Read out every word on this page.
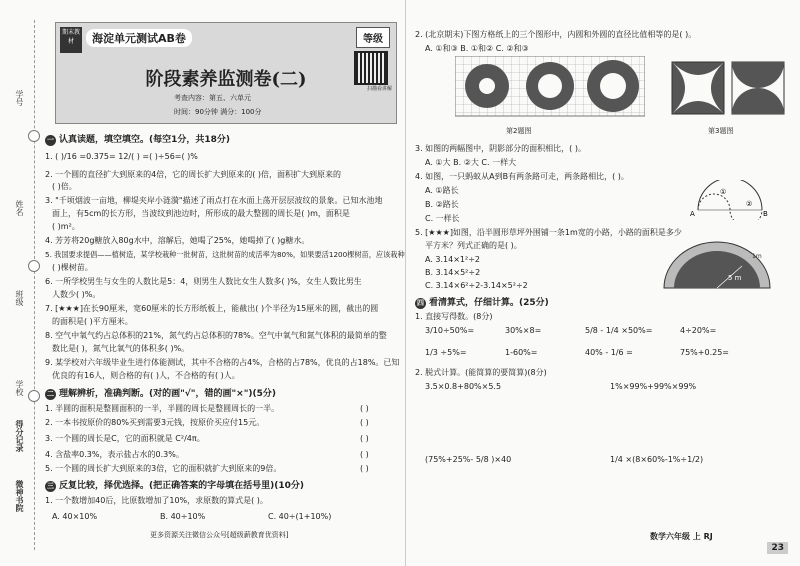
学号
姓名
班级
学校
得分记录
微神书院
期末教材	海淀单元测试AB卷	等级
阶段素养监测卷(二)
考查内容：第五、六单元
时间：90分钟 满分：100分
扫描看讲解
一 认真读题，填空填空。(每空1分，共18分)
1. ( )/16 =0.375= 12/( ) =( )÷56=( )%
2. 一个圆的直径扩大到原来的4倍，它的周长扩大到原来的( )倍，面积扩大到原来的
( )倍。
3. "千顷烟波一亩地，柳堤夹岸小涟漪"描述了雨点打在水面上荡开层层波纹的景象。已知水池地
面上，有5cm的长方形，当波纹到池边时，所形成的最大整圆的周长是( )m，面积是
( )m²。
4. 芳芳将20g糖放入80g水中，溶解后，她喝了25%，她喝掉了( )g糖水。
5. 我国要求提倡——植树造，某学校栽种一批树苗，这批树苗的成活率为80%，如果要活1200棵树苗，应该栽种
( )棵树苗。
6. 一所学校男生与女生的人数比是5：4，则男生人数比女生人数多( )%，女生人数比男生
人数少( )%。
7. [★★★]在长90厘米，宽60厘米的长方形纸板上，能截出( )个半径为15厘米的圆，截出的圆
的面积是( )平方厘米。
8. 空气中氧气约占总体积的21%，氮气约占总体积的78%。空气中氧气和氮气体积的最简单的整
数比是( )，氮气比氧气的体积多( )%。
9. 某学校对六年级毕业生进行体能测试，其中不合格的占4%，合格的占78%，优良的占18%。已知
优良的有16人，则合格的有( )人，不合格的有( )人。
二 理解辨析，准确判断。(对的画"√"，错的画"×")(5分)
1. 半圆的面积是整圆面积的一半，半圆的周长是整圆周长的一半。	( )
2. 一本书按原价的80%买到需要3元钱，按原价买应付15元。	( )
3. 一个圆的周长是C，它的面积就是 C²/4π。	( )
4. 含盐率0.3%，表示盐占水的0.3%。	( )
5. 一个圆的周长扩大到原来的3倍，它的面积就扩大到原来的9倍。	( )
三 反复比较，择优选择。(把正确答案的字母填在括号里)(10分)
1. 一个数增加40后，比原数增加了10%，求原数的算式是( )。
A. 40×10%	B. 40÷10%	C. 40÷(1+10%)
更多资源关注微信公众号[超级薪教育优资料]
2. (北京期末)下图方格纸上的三个图形中，内圆和外圆的直径比值相等的是( )。
A. ①和③ B. ①和② C. ②和③
第2题图	第3题图
3. 如图的两幅图中，阴影部分的面积相比，( )。
A. ①大 B. ②大 C. 一样大
4. 如图，一只蚂蚁从A到B有两条路可走，两条路相比，( )。
A. ①路长
B. ②路长
C. 一样长	A	B
①
②
5. [★★★]如图，沿半圆形草坪外围铺一条1m宽的小路，小路的面积是多少
平方米？列式正确的是( )。
A. 3.14×1²÷2
B. 3.14×5²÷2
C. 3.14×6²÷2-3.14×5²÷2
5 m
1m
四 看清算式，仔细计算。(25分)
1. 直接写得数。(8分)
3/10÷50%=	30%×8=	5/8 - 1/4 ×50%=	4÷20%=
1/3 ÷5%=	1-60%=	40% - 1/6 =	75%+0.25=
2. 脱式计算。(能简算的要简算)(8分)
3.5×0.8+80%×5.5	1%×99%+99%×99%
(75%+25%- 5/8 )×40	1/4 ×(8×60%-1%÷1/2)
数学六年级 上 RJ
23
